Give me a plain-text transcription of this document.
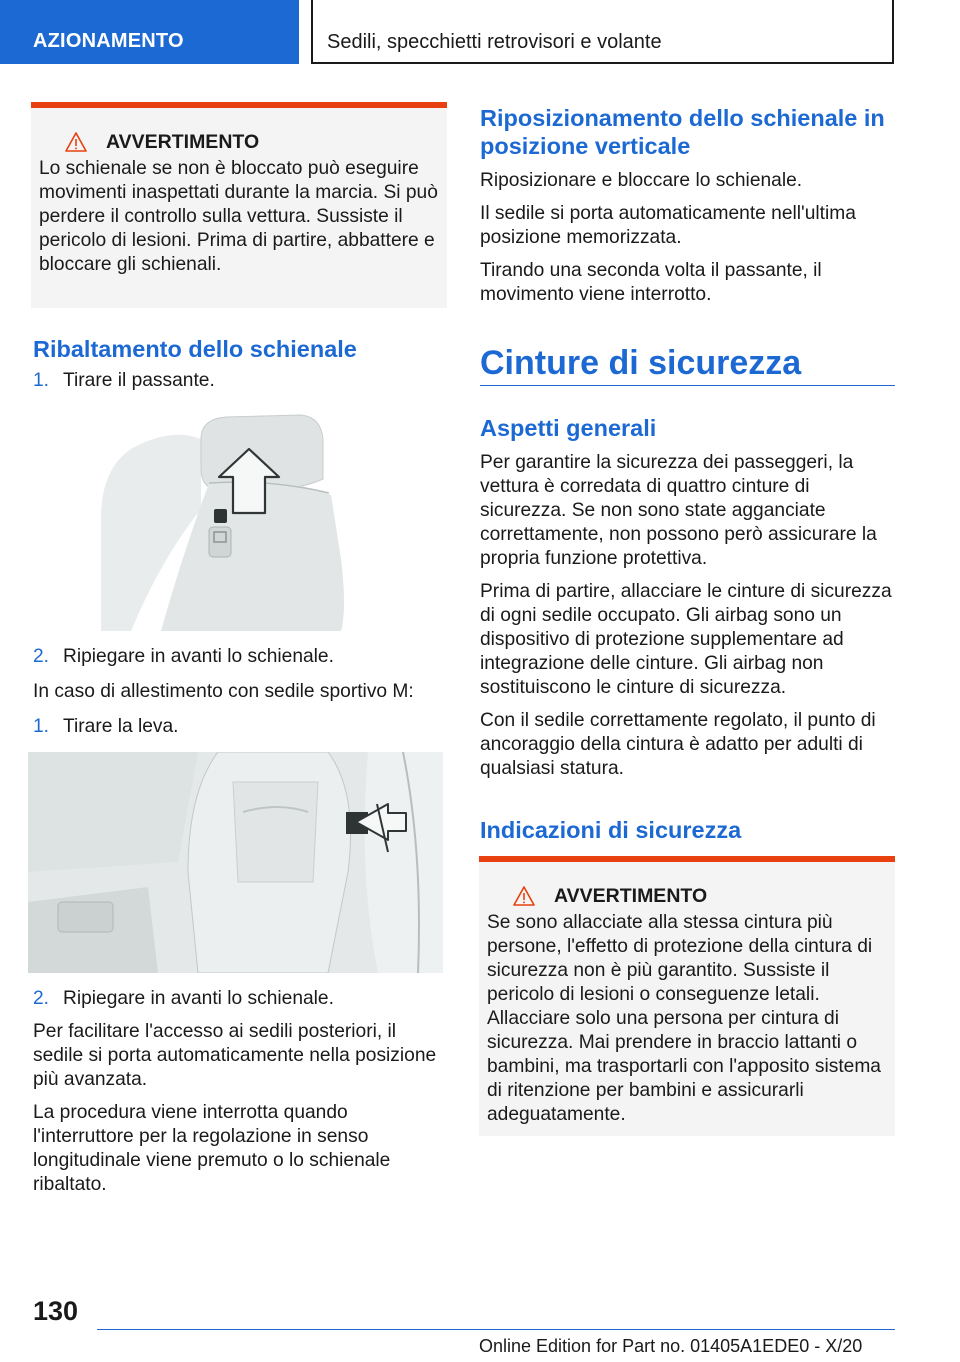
AZIONAMENTO	Sedili, specchietti retrovisori e volante
AVVERTIMENTO

Lo schienale se non è bloccato può eseguire movimenti inaspettati durante la marcia. Si può perdere il controllo sulla vettura. Sussiste il pericolo di lesioni. Prima di partire, abbattere e bloccare gli schienali.

Ribaltamento dello schienale
1. Tirare il passante.
2. Ripiegare in avanti lo schienale.

In caso di allestimento con sedile sportivo M:

1. Tirare la leva.
2. Ripiegare in avanti lo schienale.

Per facilitare l'accesso ai sedili posteriori, il sedile si porta automaticamente nella posizione più avanzata.

La procedura viene interrotta quando l'interruttore per la regolazione in senso longitudinale viene premuto o lo schienale ribaltato.

Riposizionamento dello schienale in posizione verticale

Riposizionare e bloccare lo schienale.

Il sedile si porta automaticamente nell'ultima posizione memorizzata.

Tirando una seconda volta il passante, il movimento viene interrotto.

Cinture di sicurezza
Aspetti generali

Per garantire la sicurezza dei passeggeri, la vettura è corredata di quattro cinture di sicurezza. Se non sono state agganciate correttamente, non possono però assicurare la propria funzione protettiva.

Prima di partire, allacciare le cinture di sicurezza di ogni sedile occupato. Gli airbag sono un dispositivo di protezione supplementare ad integrazione delle cinture. Gli airbag non sostituiscono le cinture di sicurezza.

Con il sedile correttamente regolato, il punto di ancoraggio della cintura è adatto per adulti di qualsiasi statura.

Indicazioni di sicurezza
AVVERTIMENTO

Se sono allacciate alla stessa cintura più persone, l'effetto di protezione della cintura di sicurezza non è più garantito. Sussiste il pericolo di lesioni o conseguenze letali. Allacciare solo una persona per cintura di sicurezza. Mai prendere in braccio lattanti o bambini, ma trasportarli con l'apposito sistema di ritenzione per bambini e assicurarli adeguatamente.

130
Online Edition for Part no. 01405A1EDE0 - X/20
